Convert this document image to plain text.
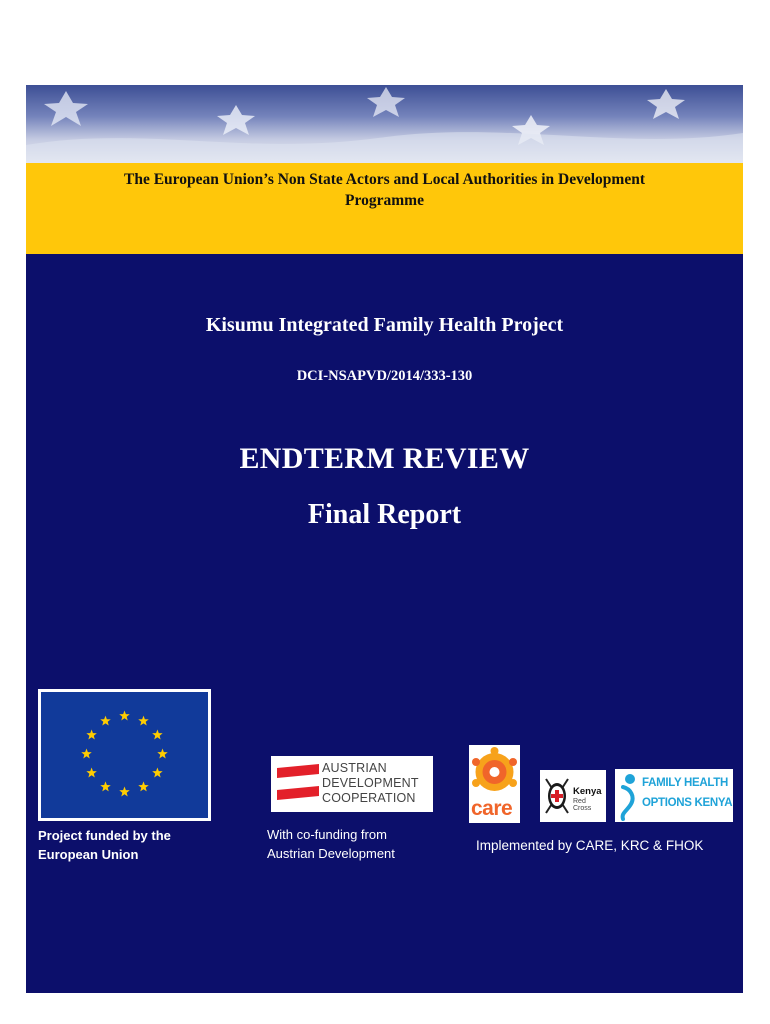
The European Union’s Non State Actors and Local Authorities in Development
Programme
Kisumu Integrated Family Health Project
DCI-NSAPVD/2014/333-130
ENDTERM REVIEW
Final Report
Project funded by the
European Union
AUSTRIAN
DEVELOPMENT
COOPERATION
With co-funding from
Austrian Development
care
Kenya
Red Cross
FAMILY HEALTH
OPTIONS KENYA
Implemented by CARE, KRC & FHOK
